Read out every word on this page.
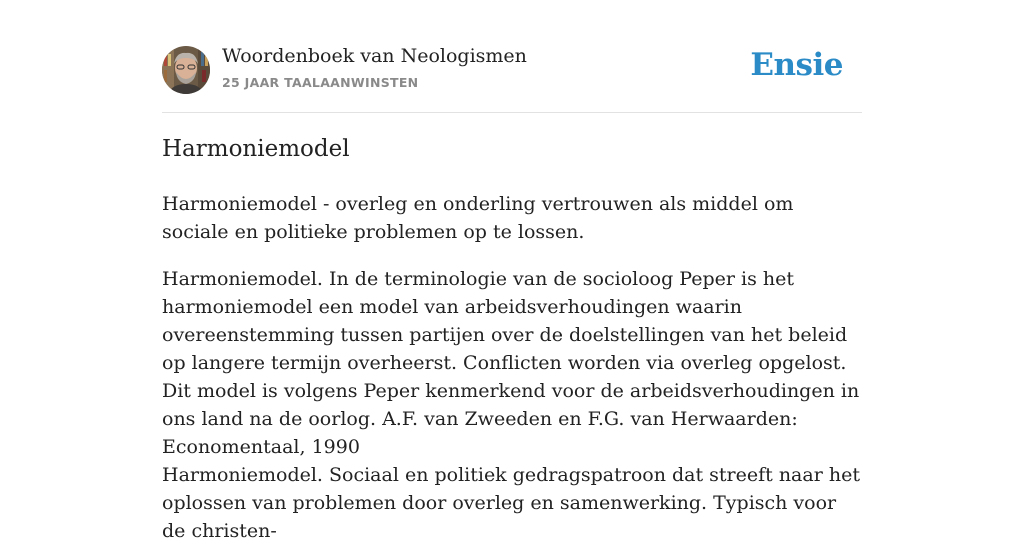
Woordenboek van Neologismen
25 JAAR TAALAANWINSTEN	Ensie
Harmoniemodel

Harmoniemodel - overleg en onderling vertrouwen als middel om sociale en politieke problemen op te lossen.

Harmoniemodel. In de terminologie van de socioloog Peper is het harmoniemodel een model van arbeidsverhoudingen waarin overeenstemming tussen partijen over de doelstellingen van het beleid op langere termijn overheerst. Conflicten worden via overleg opgelost. Dit model is volgens Peper kenmerkend voor de arbeidsverhoudingen in ons land na de oorlog. A.F. van Zweeden en F.G. van Herwaarden: Economentaal, 1990

Harmoniemodel. Sociaal en politiek gedragspatroon dat streeft naar het oplossen van problemen door overleg en samenwerking. Typisch voor de christen-
